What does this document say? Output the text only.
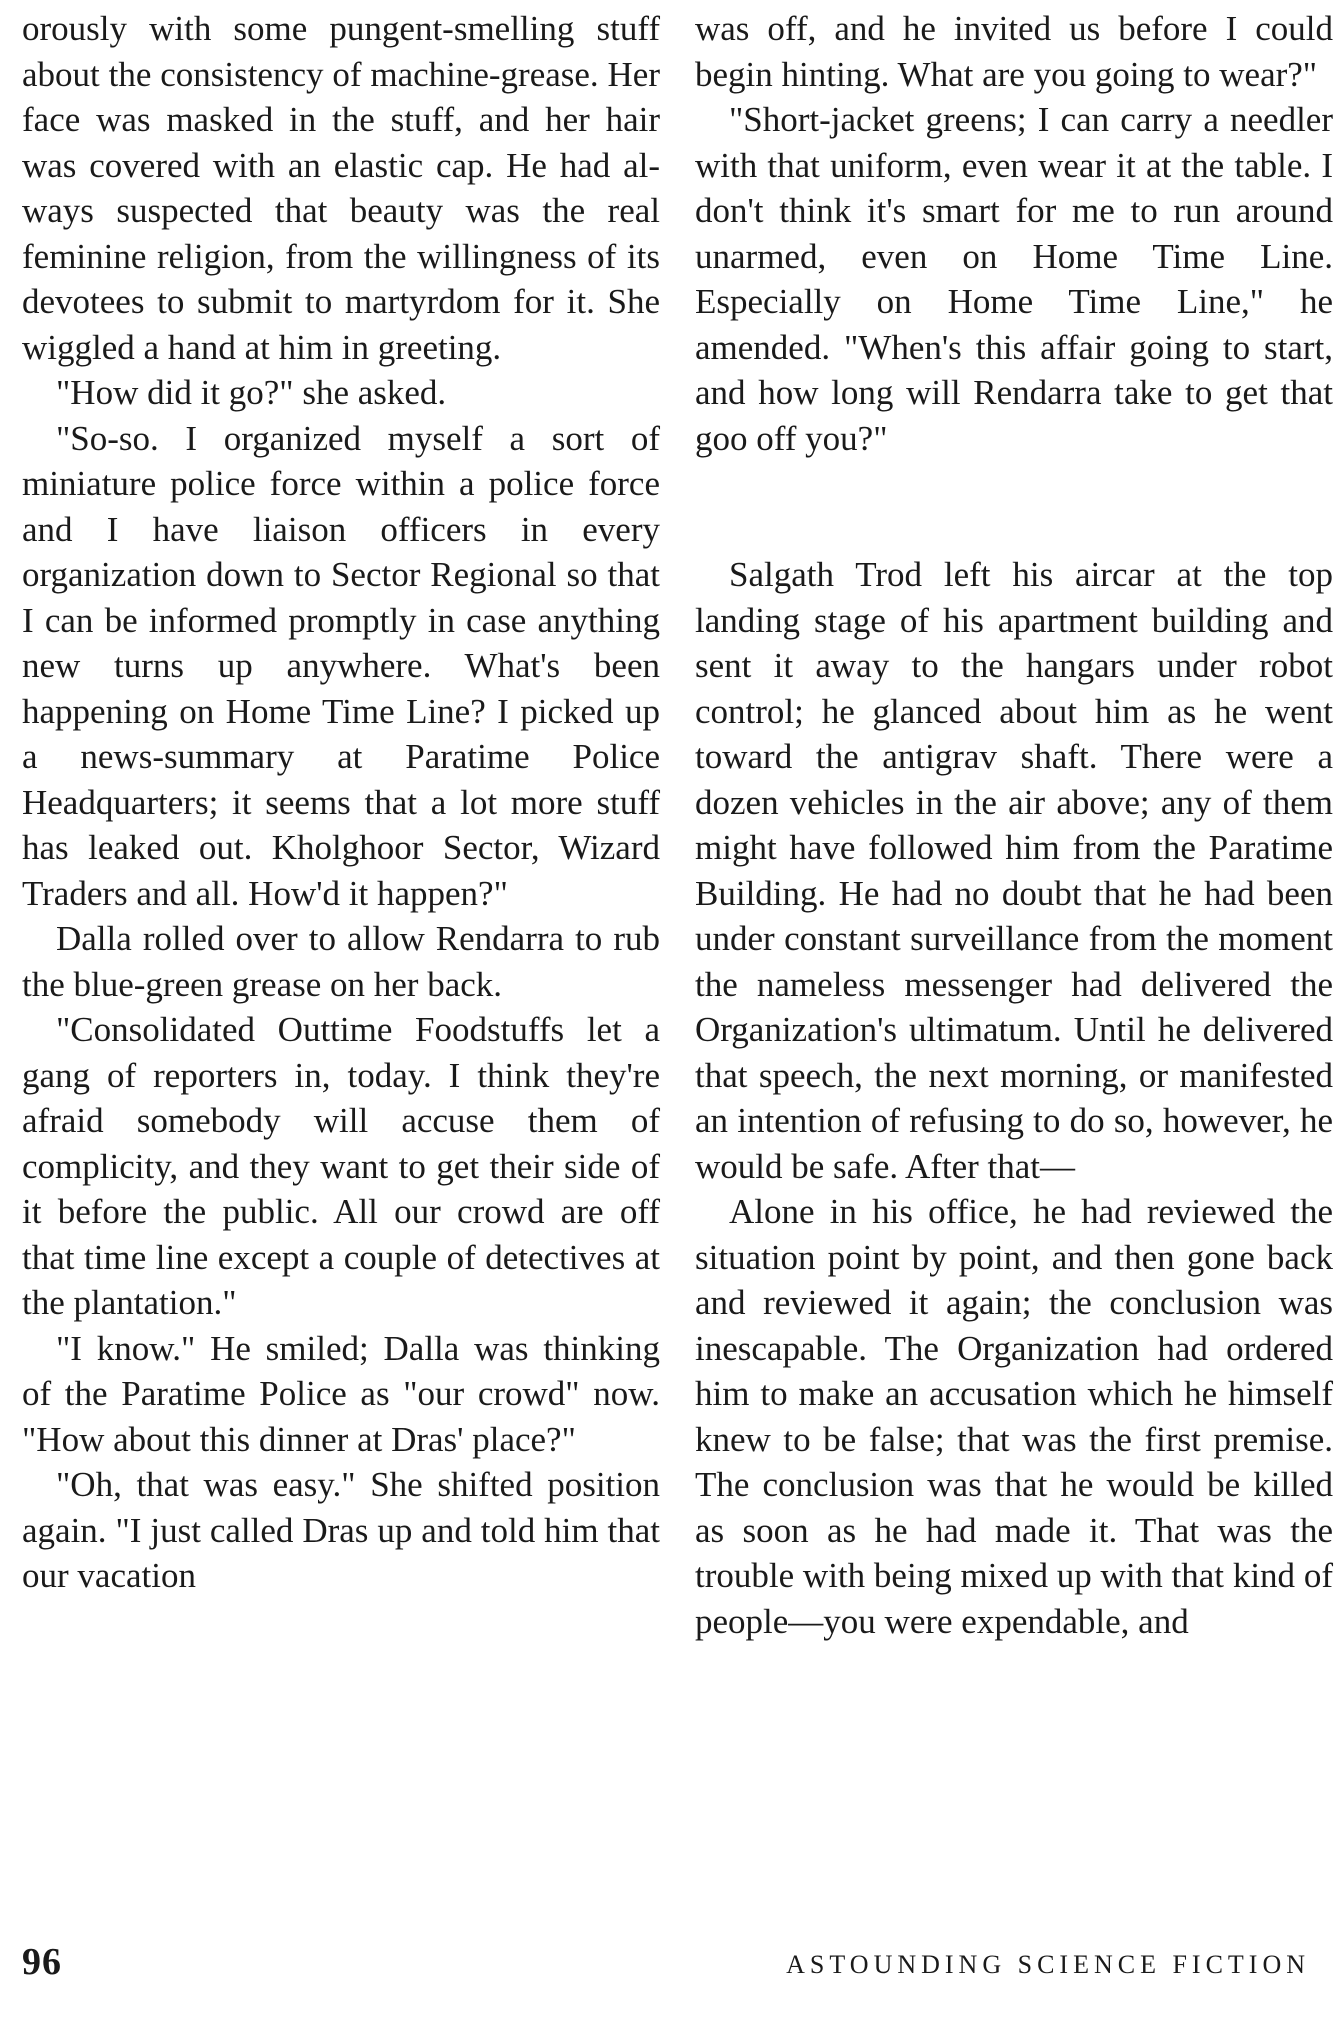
orously with some pungent-smelling stuff about the consistency of machine-grease. Her face was masked in the stuff, and her hair was covered with an elastic cap. He had always suspected that beauty was the real feminine religion, from the willingness of its devotees to submit to martyrdom for it. She wiggled a hand at him in greeting.

"How did it go?" she asked.

"So-so. I organized myself a sort of miniature police force within a police force and I have liaison officers in every organization down to Sector Regional so that I can be informed promptly in case anything new turns up anywhere. What's been happening on Home Time Line? I picked up a news-summary at Paratime Police Headquarters; it seems that a lot more stuff has leaked out. Kholghoor Sector, Wizard Traders and all. How'd it happen?"

Dalla rolled over to allow Rendarra to rub the blue-green grease on her back.

"Consolidated Outtime Foodstuffs let a gang of reporters in, today. I think they're afraid somebody will accuse them of complicity, and they want to get their side of it before the public. All our crowd are off that time line except a couple of detectives at the plantation."

"I know." He smiled; Dalla was thinking of the Paratime Police as "our crowd" now. "How about this dinner at Dras' place?"

"Oh, that was easy." She shifted position again. "I just called Dras up and told him that our vacation

was off, and he invited us before I could begin hinting. What are you going to wear?"

"Short-jacket greens; I can carry a needler with that uniform, even wear it at the table. I don't think it's smart for me to run around unarmed, even on Home Time Line. Especially on Home Time Line," he amended. "When's this affair going to start, and how long will Rendarra take to get that goo off you?"

Salgath Trod left his aircar at the top landing stage of his apartment building and sent it away to the hangars under robot control; he glanced about him as he went toward the antigrav shaft. There were a dozen vehicles in the air above; any of them might have followed him from the Paratime Building. He had no doubt that he had been under constant surveillance from the moment the nameless messenger had delivered the Organization's ultimatum. Until he delivered that speech, the next morning, or manifested an intention of refusing to do so, however, he would be safe. After that—

Alone in his office, he had reviewed the situation point by point, and then gone back and reviewed it again; the conclusion was inescapable. The Organization had ordered him to make an accusation which he himself knew to be false; that was the first premise. The conclusion was that he would be killed as soon as he had made it. That was the trouble with being mixed up with that kind of people—you were expendable, and

96	ASTOUNDING SCIENCE FICTION
